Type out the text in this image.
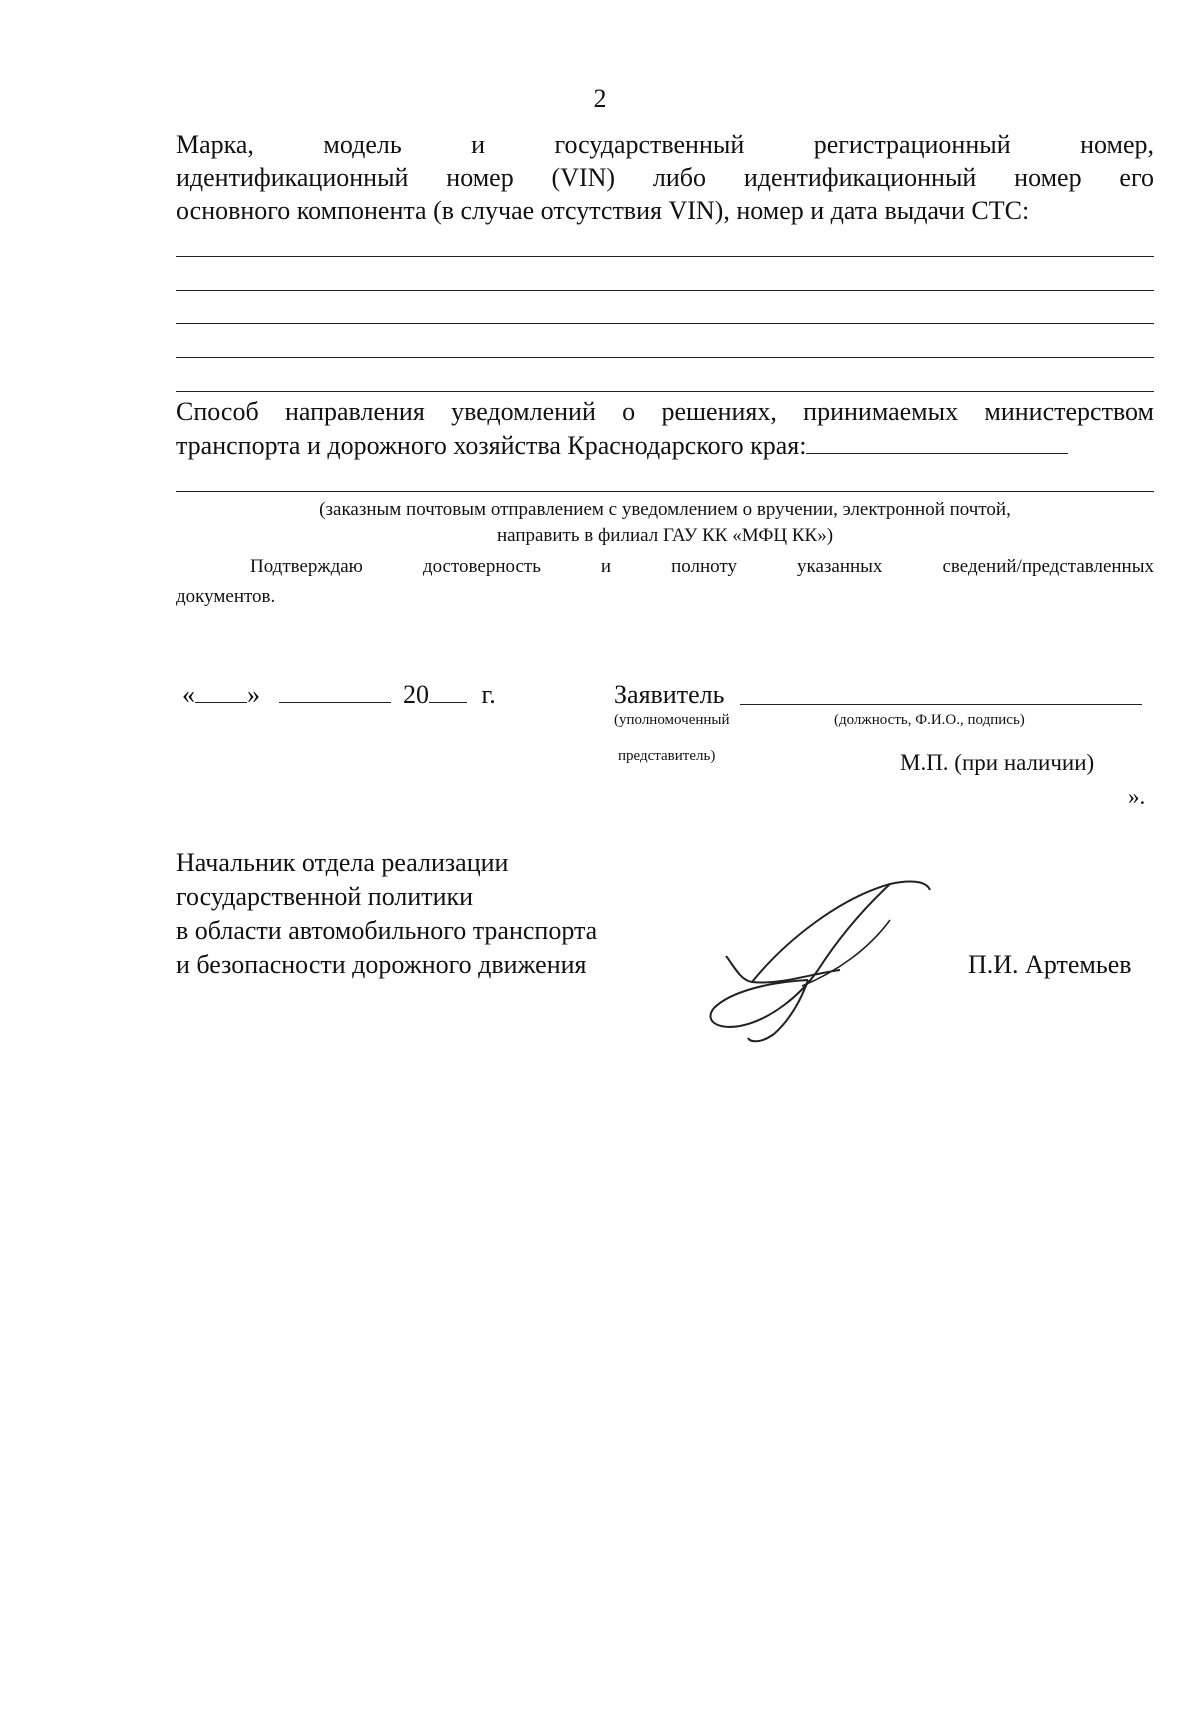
2
Марка, модель и государственный регистрационный номер,
идентификационный номер (VIN) либо идентификационный номер его
основного компонента (в случае отсутствия VIN), номер и дата выдачи СТС:
Способ направления уведомлений о решениях, принимаемых министерством
транспорта и дорожного хозяйства Краснодарского края:
(заказным почтовым отправлением с уведомлением о вручении, электронной почтой,
направить в филиал ГАУ КК «МФЦ КК»)
Подтверждаю достоверность и полноту указанных сведений/представленных
документов.
« »	20 г.	Заявитель
(уполномоченный	(должность, Ф.И.О., подпись)
представитель)	М.П. (при наличии)
».
Начальник отдела реализации
государственной политики
в области автомобильного транспорта
и безопасности дорожного движения	П.И. Артемьев
